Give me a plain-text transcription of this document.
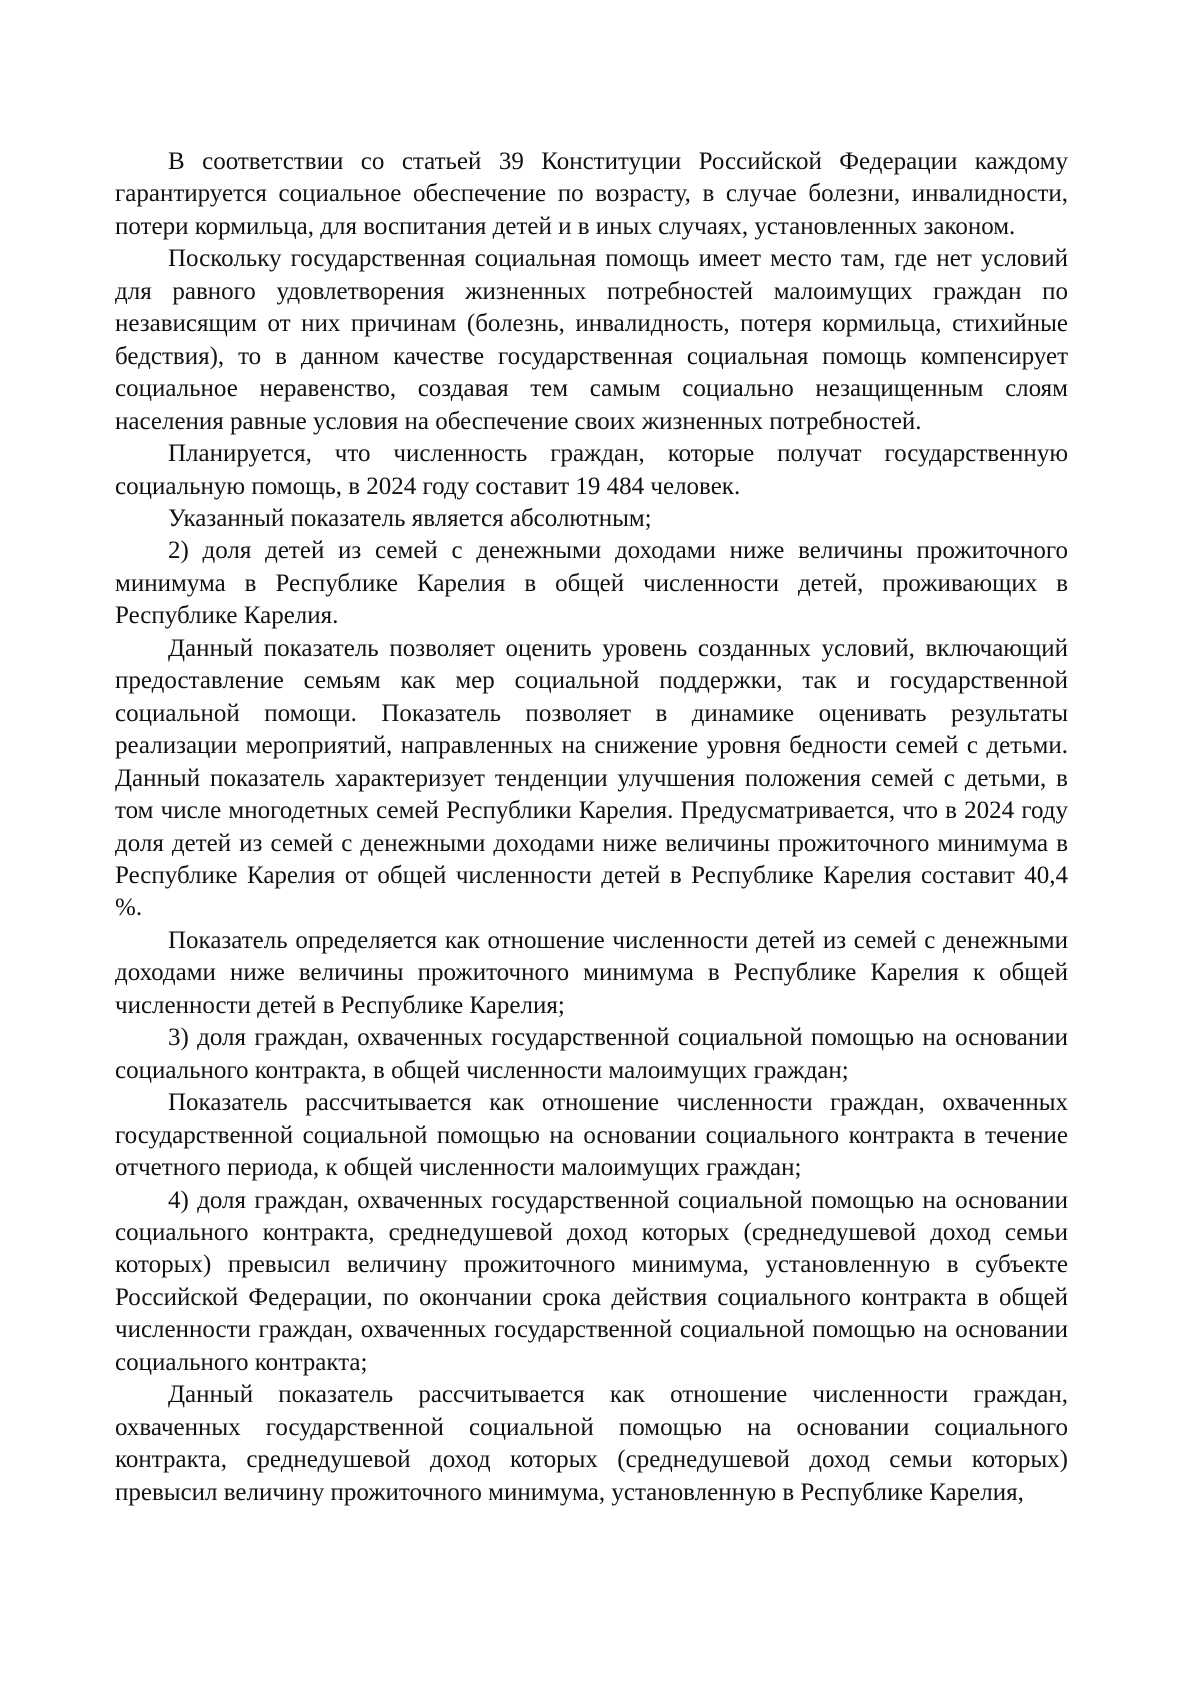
В соответствии со статьей 39 Конституции Российской Федерации каждому гарантируется социальное обеспечение по возрасту, в случае болезни, инвалидности, потери кормильца, для воспитания детей и в иных случаях, установленных законом.

Поскольку государственная социальная помощь имеет место там, где нет условий для равного удовлетворения жизненных потребностей малоимущих граждан по независящим от них причинам (болезнь, инвалидность, потеря кормильца, стихийные бедствия), то в данном качестве государственная социальная помощь компенсирует социальное неравенство, создавая тем самым социально незащищенным слоям населения равные условия на обеспечение своих жизненных потребностей.

Планируется, что численность граждан, которые получат государственную социальную помощь, в 2024 году составит 19 484 человек.

Указанный показатель является абсолютным;

2) доля детей из семей с денежными доходами ниже величины прожиточного минимума в Республике Карелия в общей численности детей, проживающих в Республике Карелия.

Данный показатель позволяет оценить уровень созданных условий, включающий предоставление семьям как мер социальной поддержки, так и государственной социальной помощи. Показатель позволяет в динамике оценивать результаты реализации мероприятий, направленных на снижение уровня бедности семей с детьми. Данный показатель характеризует тенденции улучшения положения семей с детьми, в том числе многодетных семей Республики Карелия. Предусматривается, что в 2024 году доля детей из семей с денежными доходами ниже величины прожиточного минимума в Республике Карелия от общей численности детей в Республике Карелия составит 40,4 %.

Показатель определяется как отношение численности детей из семей с денежными доходами ниже величины прожиточного минимума в Республике Карелия к общей численности детей в Республике Карелия;

3) доля граждан, охваченных государственной социальной помощью на основании социального контракта, в общей численности малоимущих граждан;

Показатель рассчитывается как отношение численности граждан, охваченных государственной социальной помощью на основании социального контракта в течение отчетного периода, к общей численности малоимущих граждан;

4) доля граждан, охваченных государственной социальной помощью на основании социального контракта, среднедушевой доход которых (среднедушевой доход семьи которых) превысил величину прожиточного минимума, установленную в субъекте Российской Федерации, по окончании срока действия социального контракта в общей численности граждан, охваченных государственной социальной помощью на основании социального контракта;

Данный показатель рассчитывается как отношение численности граждан, охваченных государственной социальной помощью на основании социального контракта, среднедушевой доход которых (среднедушевой доход семьи которых) превысил величину прожиточного минимума, установленную в Республике Карелия,
